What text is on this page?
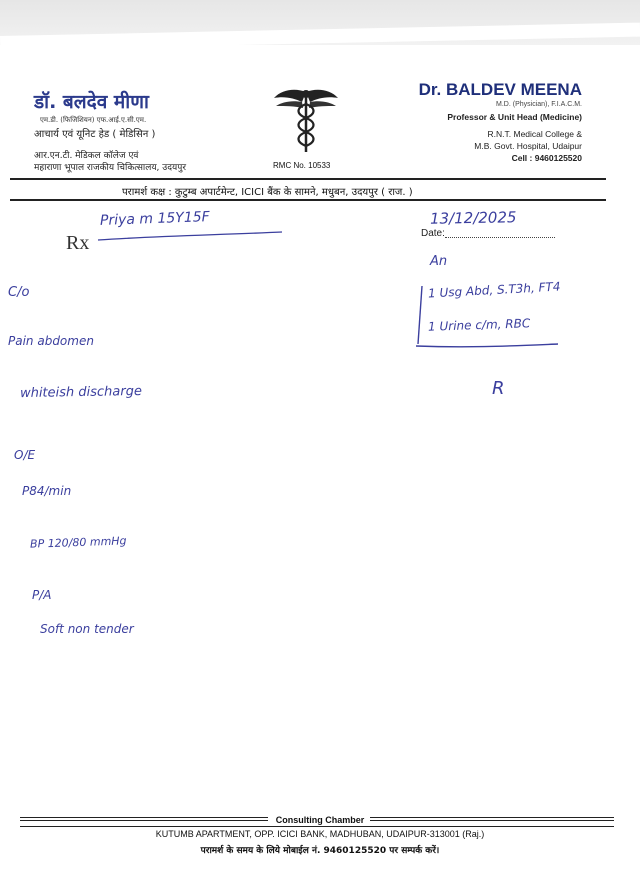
डॉ. बलदेव मीणा
एम.डी. (फिजिशियन) एफ.आई.ए.सी.एम.
आचार्य एवं यूनिट हेड ( मेडिसिन )
आर.एन.टी. मेडिकल कॉलेज एवं
महाराणा भूपाल राजकीय चिकित्सालय, उदयपुर	RMC No. 10533
Dr. BALDEV MEENA
M.D. (Physician), F.I.A.C.M.
Professor & Unit Head (Medicine)
R.N.T. Medical College &
M.B. Govt. Hospital, Udaipur
Cell : 9460125520
परामर्श कक्ष : कुटुम्ब अपार्टमेन्ट, ICICI बैंक के सामने, मधुबन, उदयपुर ( राज. )
Rx	Date:
Priya m 15Y15F	13/12/2025
An
1 Usg Abd, S.T3h, FT4
1 Urine c/m, RBC
R
C/o
Pain abdomen
whiteish discharge
O/E
P84/min
BP 120/80 mmHg
P/A
Soft non tender
Consulting Chamber
KUTUMB APARTMENT, OPP. ICICI BANK, MADHUBAN, UDAIPUR-313001 (Raj.)
परामर्श के समय के लिये मोबाईल नं. 9460125520 पर सम्पर्क करें।
